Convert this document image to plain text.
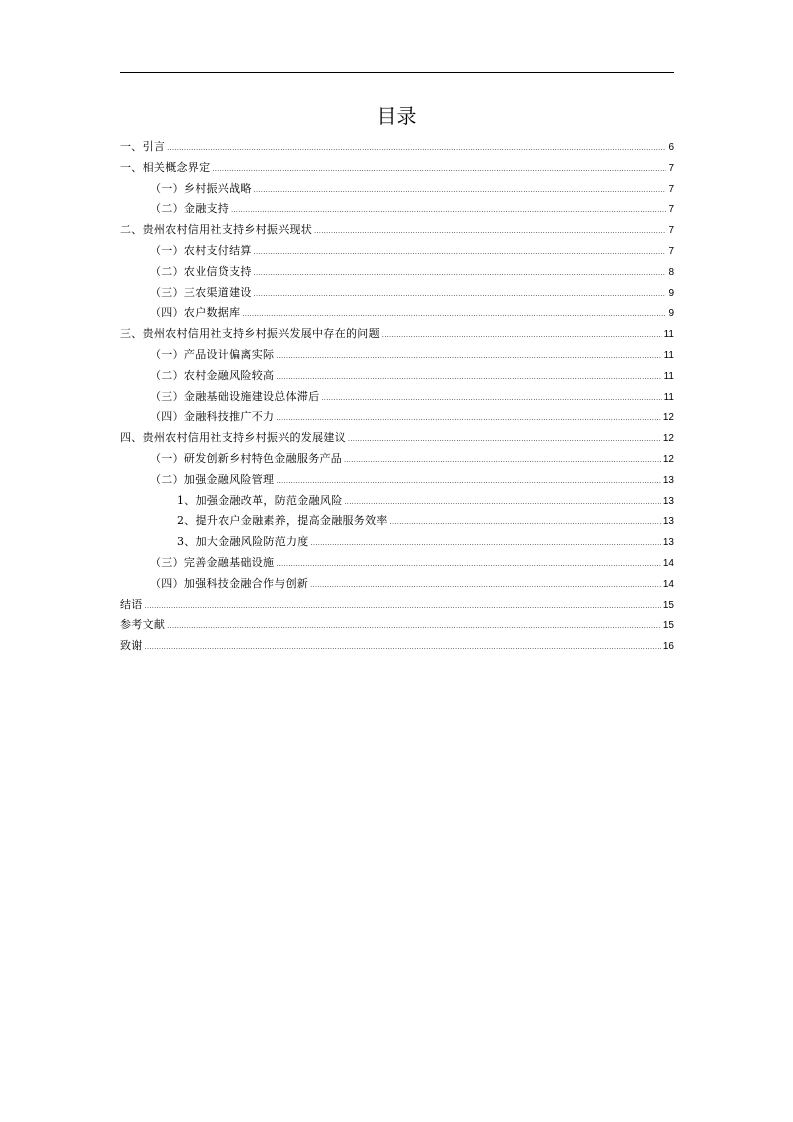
目录
一、引言 .....	6
一、相关概念界定 .....	7
（一）乡村振兴战略 .....	7
（二）金融支持 .....	7
二、贵州农村信用社支持乡村振兴现状 .....	7
（一）农村支付结算 .....	7
（二）农业信贷支持 .....	8
（三）三农渠道建设 .....	9
（四）农户数据库 .....	9
三、贵州农村信用社支持乡村振兴发展中存在的问题 .....	11
（一）产品设计偏离实际 .....	11
（二）农村金融风险较高 .....	11
（三）金融基础设施建设总体滞后 .....	11
（四）金融科技推广不力 .....	12
四、贵州农村信用社支持乡村振兴的发展建议 .....	12
（一）研发创新乡村特色金融服务产品 .....	12
（二）加强金融风险管理 .....	13
1、加强金融改革，防范金融风险 .....	13
2、提升农户金融素养，提高金融服务效率 .....	13
3、加大金融风险防范力度 .....	13
（三）完善金融基础设施 .....	14
（四）加强科技金融合作与创新 .....	14
结语 .....	15
参考文献 .....	15
致谢 .....	16
